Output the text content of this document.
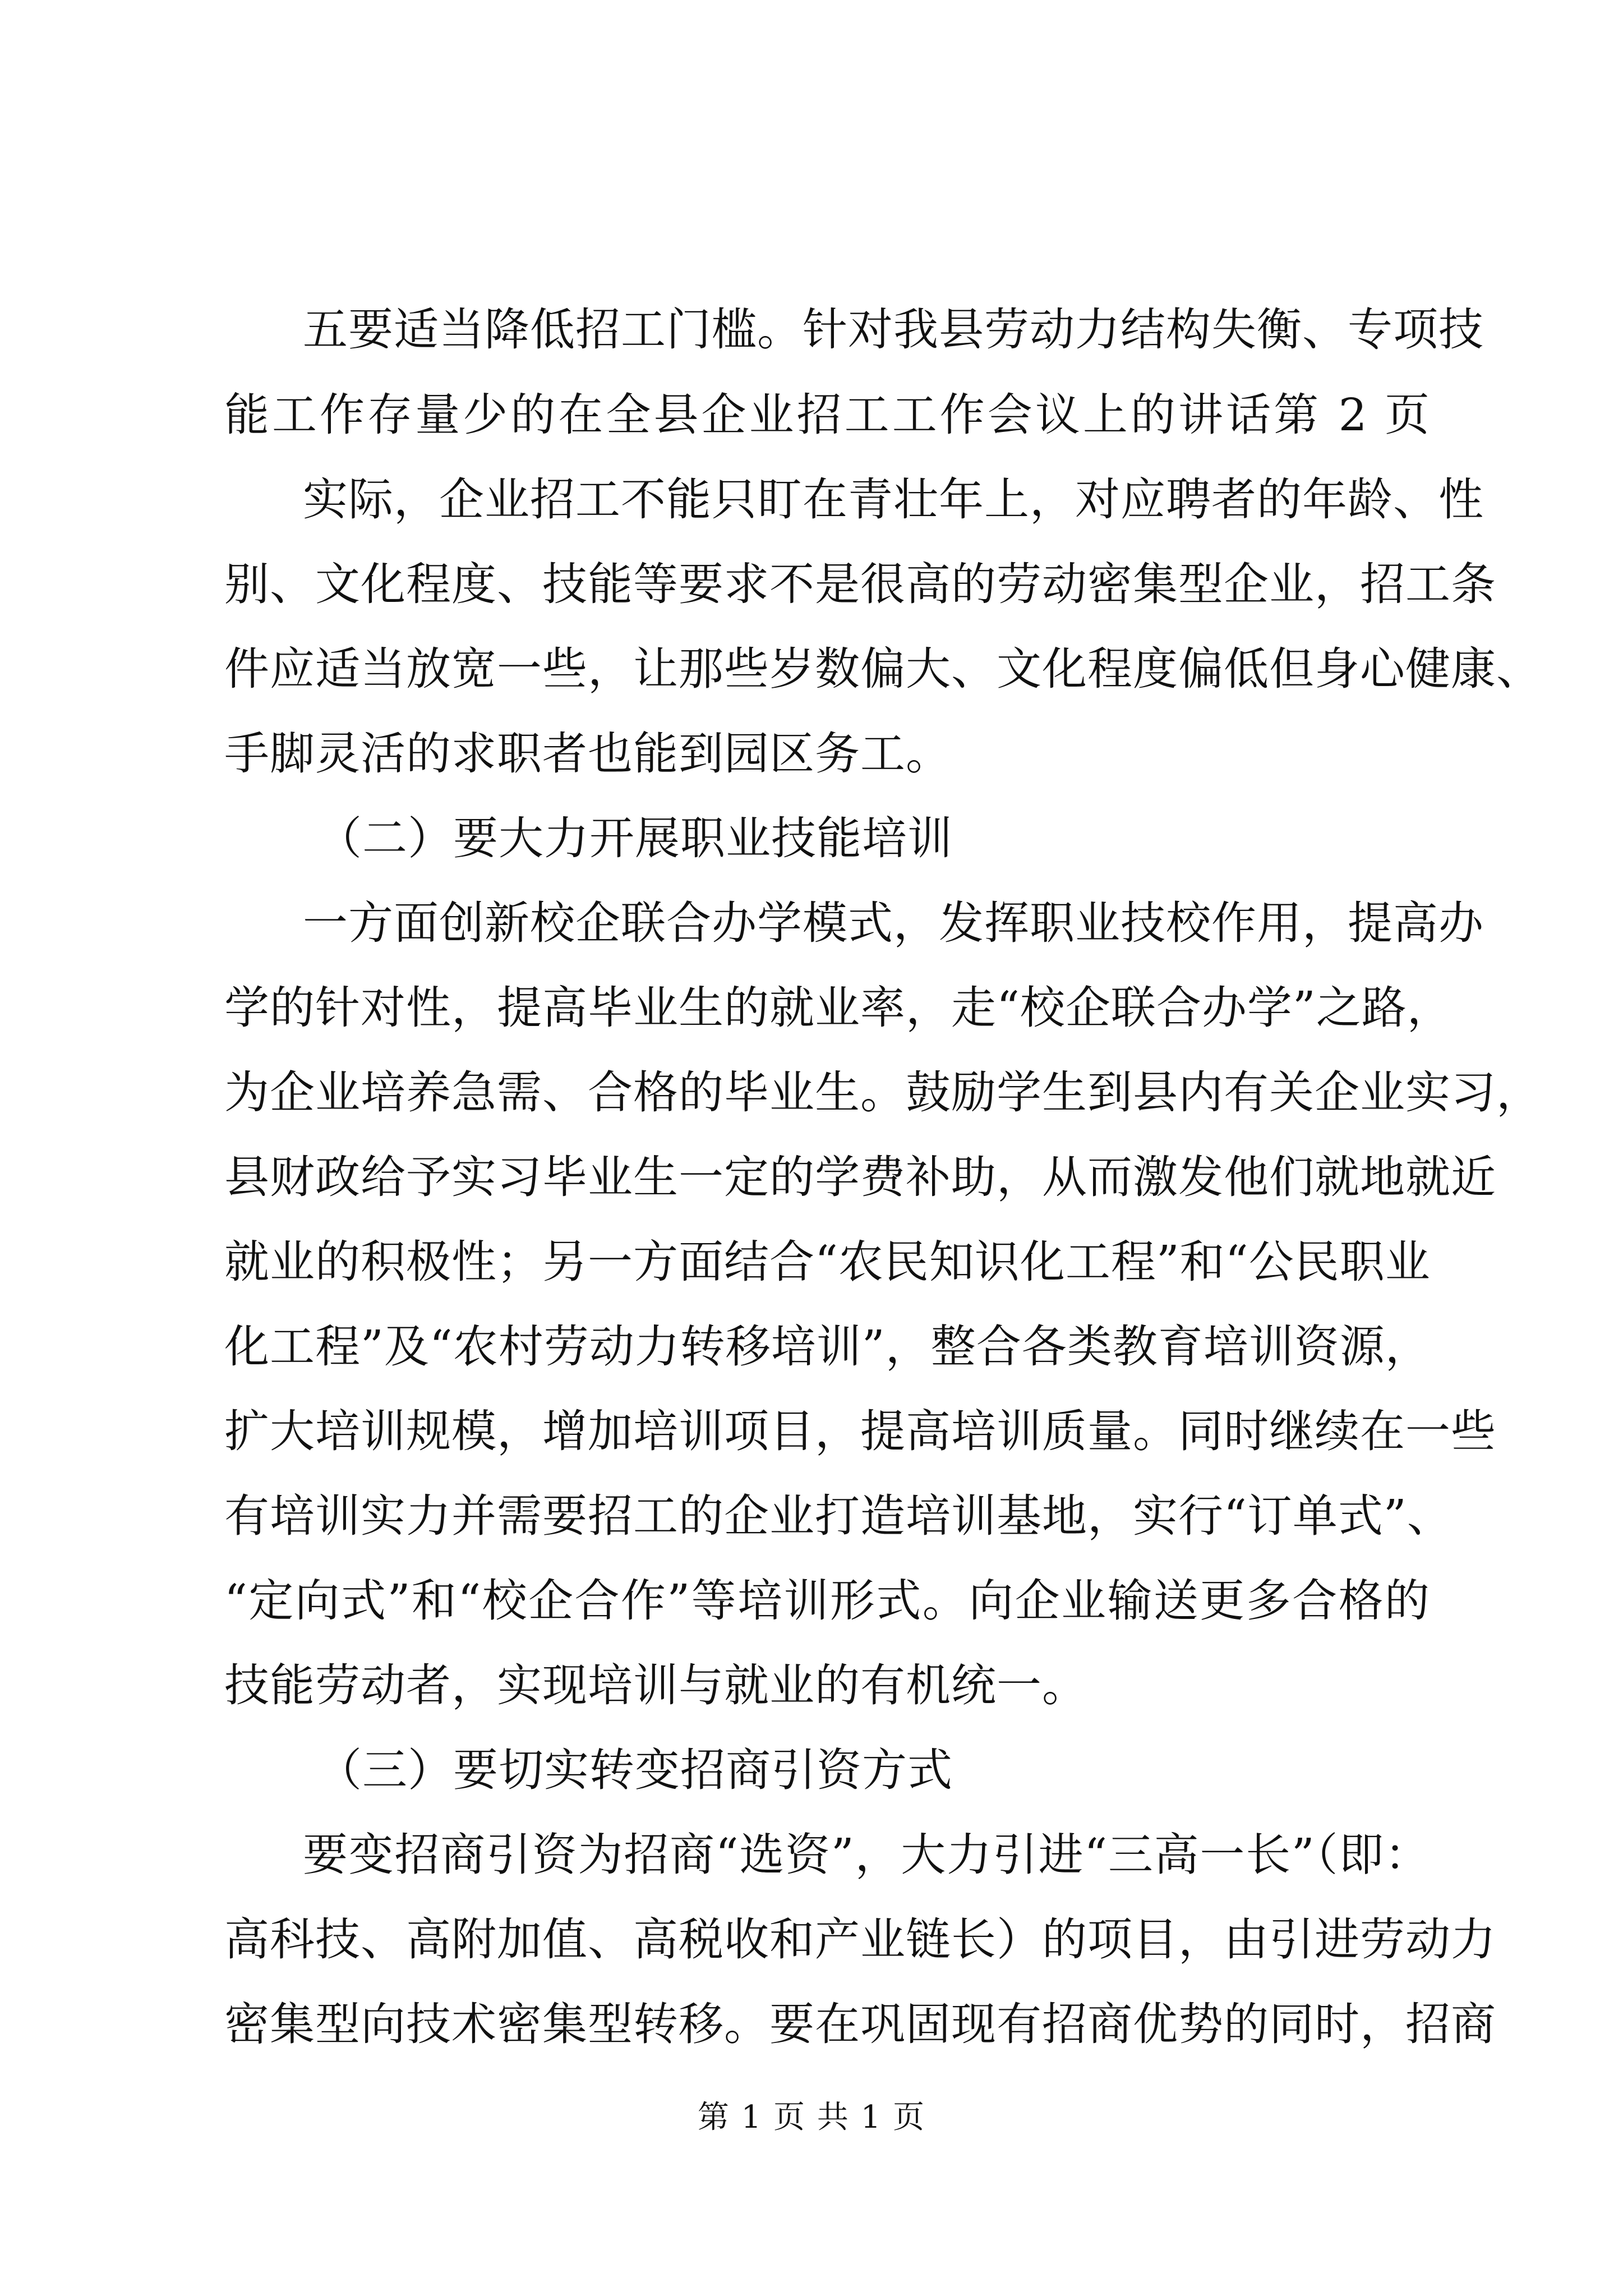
五要适当降低招工门槛。针对我县劳动力结构失衡、专项技
能工作存量少的在全县企业招工工作会议上的讲话第 2 页
实际，企业招工不能只盯在青壮年上，对应聘者的年龄、性
别、文化程度、技能等要求不是很高的劳动密集型企业，招工条
件应适当放宽一些，让那些岁数偏大、文化程度偏低但身心健康、
手脚灵活的求职者也能到园区务工。
（二）要大力开展职业技能培训
一方面创新校企联合办学模式，发挥职业技校作用，提高办
学的针对性，提高毕业生的就业率，走“校企联合办学”之路，
为企业培养急需、合格的毕业生。鼓励学生到县内有关企业实习，
县财政给予实习毕业生一定的学费补助，从而激发他们就地就近
就业的积极性；另一方面结合“农民知识化工程”和“公民职业
化工程”及“农村劳动力转移培训”，整合各类教育培训资源，
扩大培训规模，增加培训项目，提高培训质量。同时继续在一些
有培训实力并需要招工的企业打造培训基地，实行“订单式”、
“定向式”和“校企合作”等培训形式。向企业输送更多合格的
技能劳动者，实现培训与就业的有机统一。
（三）要切实转变招商引资方式
要变招商引资为招商“选资”，大力引进“三高一长”（即：
高科技、高附加值、高税收和产业链长）的项目，由引进劳动力
密集型向技术密集型转移。要在巩固现有招商优势的同时，招商
第 1 页 共 1 页
